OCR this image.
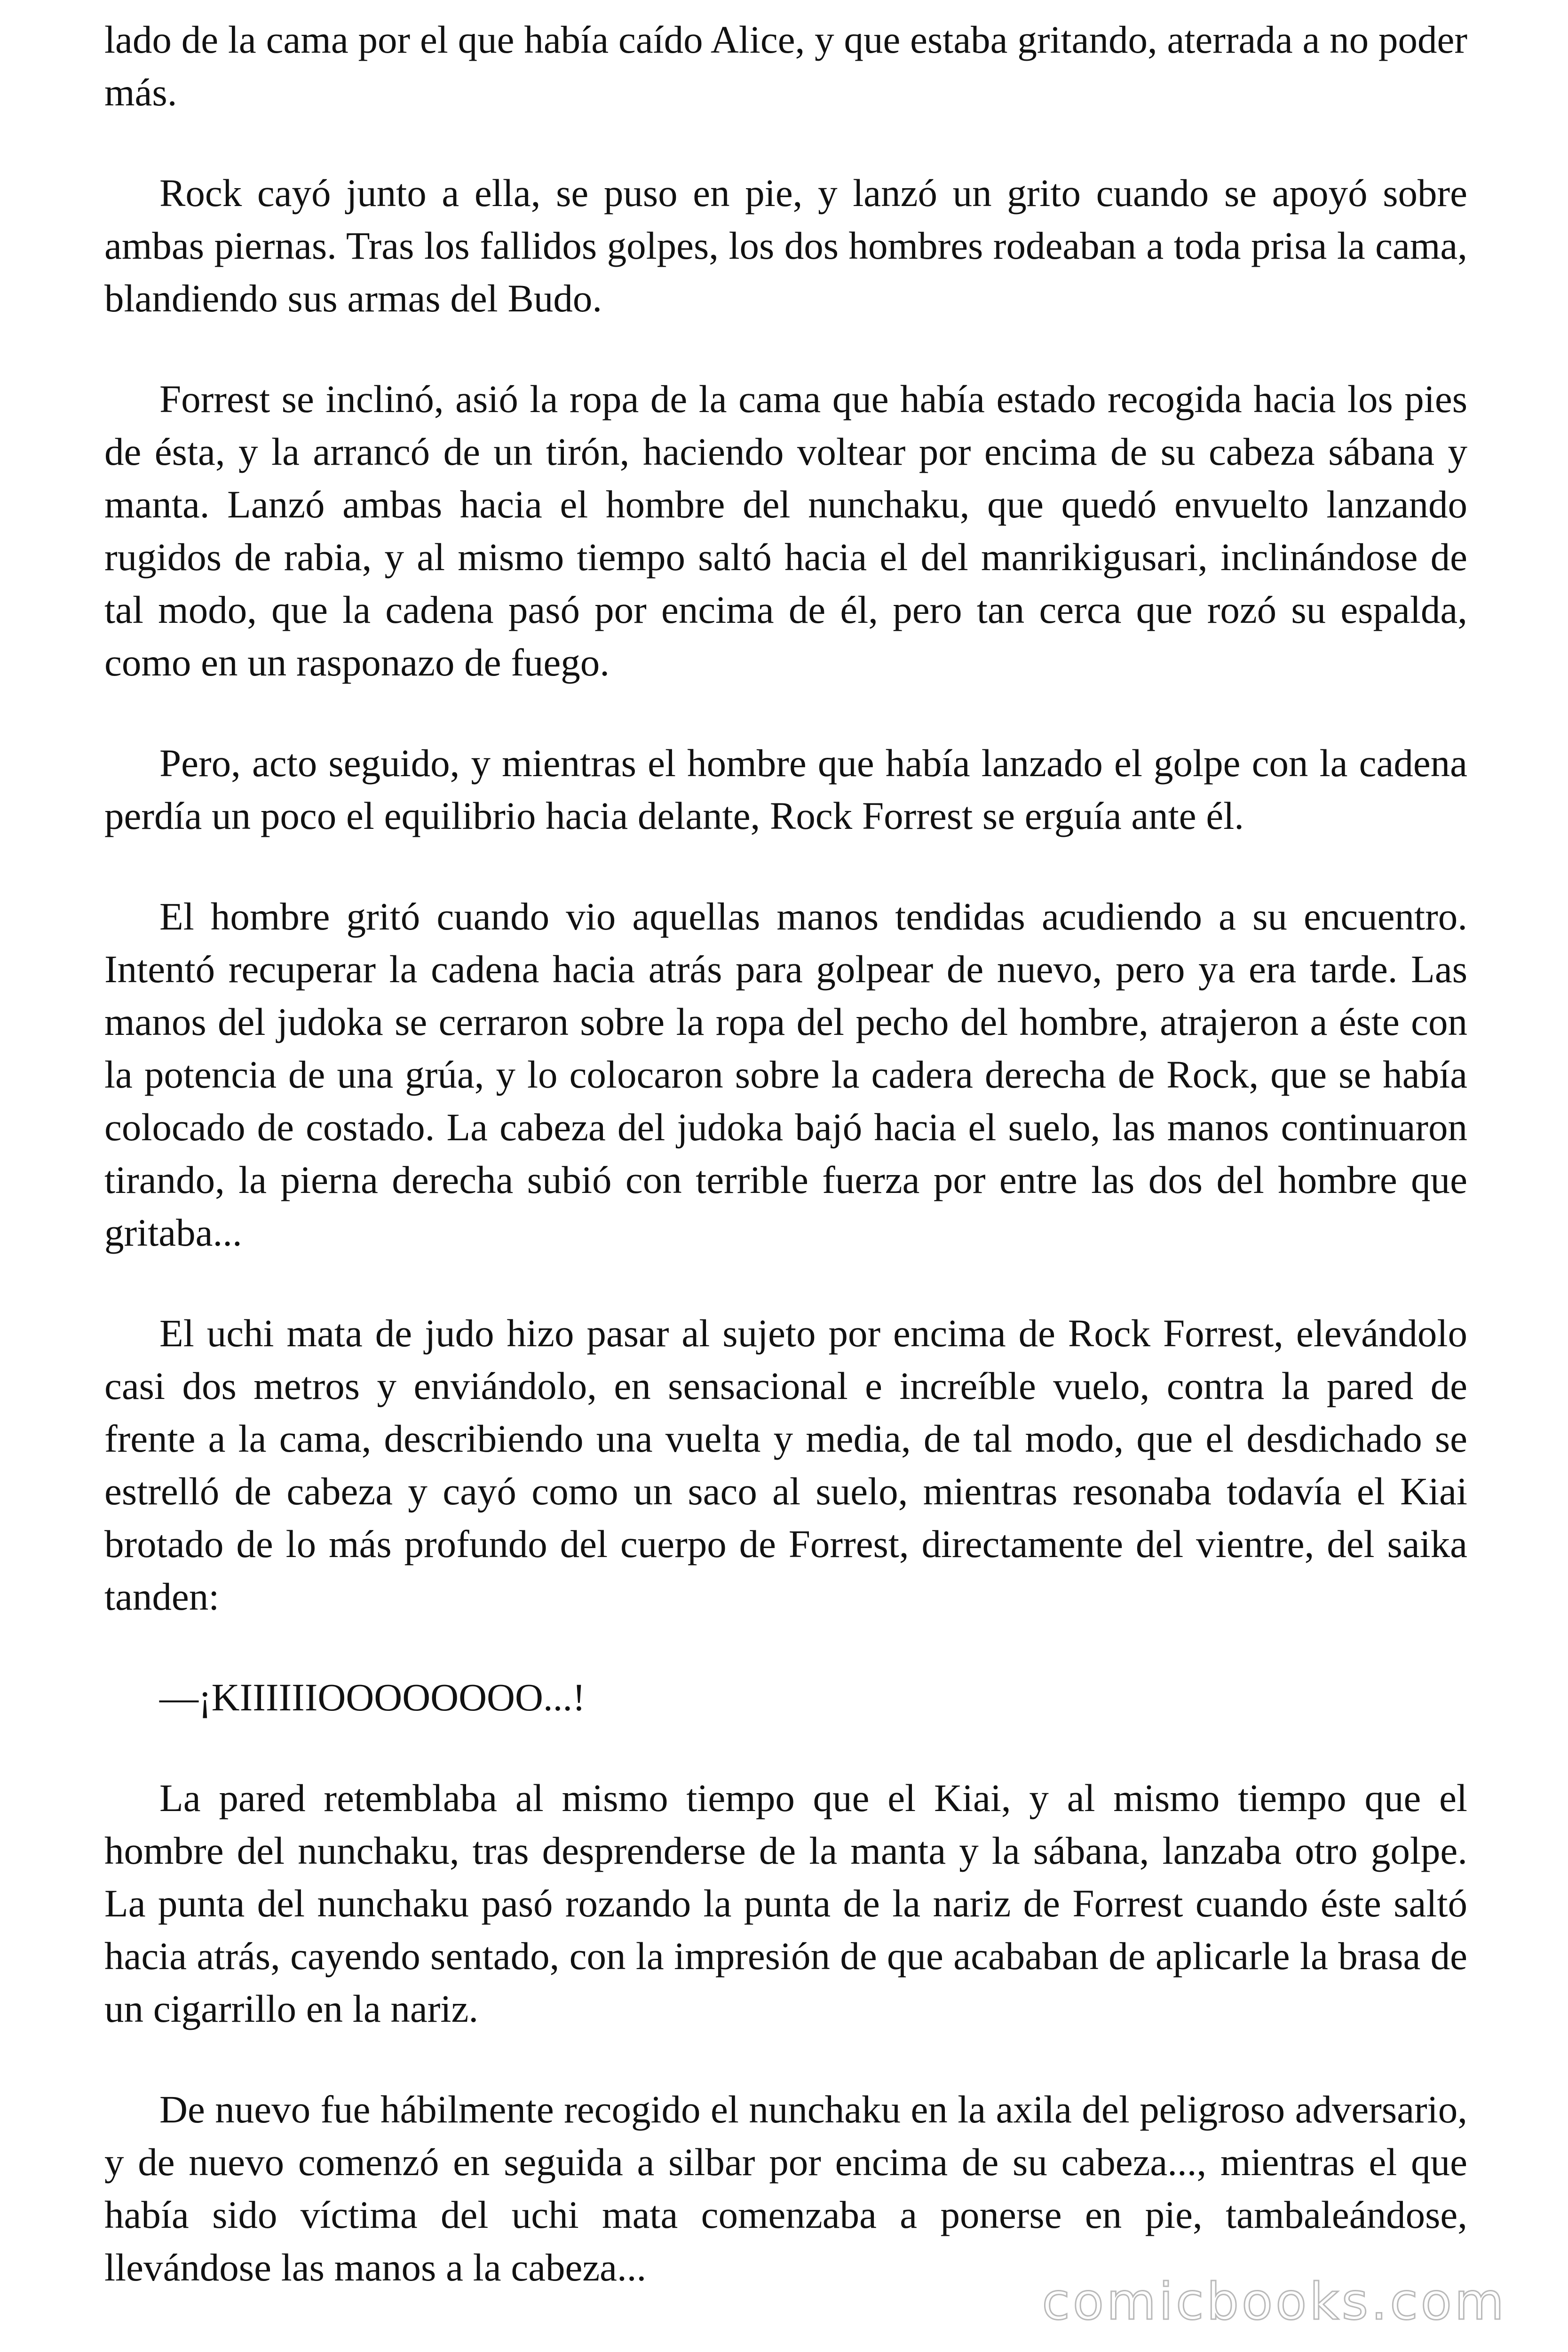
lado de la cama por el que había caído Alice, y que estaba gritando, aterrada a no poder más.

Rock cayó junto a ella, se puso en pie, y lanzó un grito cuando se apoyó sobre ambas piernas. Tras los fallidos golpes, los dos hombres rodeaban a toda prisa la cama, blandiendo sus armas del Budo.

Forrest se inclinó, asió la ropa de la cama que había estado recogida hacia los pies de ésta, y la arrancó de un tirón, haciendo voltear por encima de su cabeza sábana y manta. Lanzó ambas hacia el hombre del nunchaku, que quedó envuelto lanzando rugidos de rabia, y al mismo tiempo saltó hacia el del manrikigusari, inclinándose de tal modo, que la cadena pasó por encima de él, pero tan cerca que rozó su espalda, como en un rasponazo de fuego.

Pero, acto seguido, y mientras el hombre que había lanzado el golpe con la cadena perdía un poco el equilibrio hacia delante, Rock Forrest se erguía ante él.

El hombre gritó cuando vio aquellas manos tendidas acudiendo a su encuentro. Intentó recuperar la cadena hacia atrás para golpear de nuevo, pero ya era tarde. Las manos del judoka se cerraron sobre la ropa del pecho del hombre, atrajeron a éste con la potencia de una grúa, y lo colocaron sobre la cadera derecha de Rock, que se había colocado de costado. La cabeza del judoka bajó hacia el suelo, las manos continuaron tirando, la pierna derecha subió con terrible fuerza por entre las dos del hombre que gritaba...

El uchi mata de judo hizo pasar al sujeto por encima de Rock Forrest, elevándolo casi dos metros y enviándolo, en sensacional e increíble vuelo, contra la pared de frente a la cama, describiendo una vuelta y media, de tal modo, que el desdichado se estrelló de cabeza y cayó como un saco al suelo, mientras resonaba todavía el Kiai brotado de lo más profundo del cuerpo de Forrest, directamente del vientre, del saika tanden:

—¡KIIIIIIOOOOOOOO...!

La pared retemblaba al mismo tiempo que el Kiai, y al mismo tiempo que el hombre del nunchaku, tras desprenderse de la manta y la sábana, lanzaba otro golpe. La punta del nunchaku pasó rozando la punta de la nariz de Forrest cuando éste saltó hacia atrás, cayendo sentado, con la impresión de que acababan de aplicarle la brasa de un cigarrillo en la nariz.

De nuevo fue hábilmente recogido el nunchaku en la axila del peligroso adversario, y de nuevo comenzó en seguida a silbar por encima de su cabeza..., mientras el que había sido víctima del uchi mata comenzaba a ponerse en pie, tambaleándose, llevándose las manos a la cabeza...

comicbooks.com
